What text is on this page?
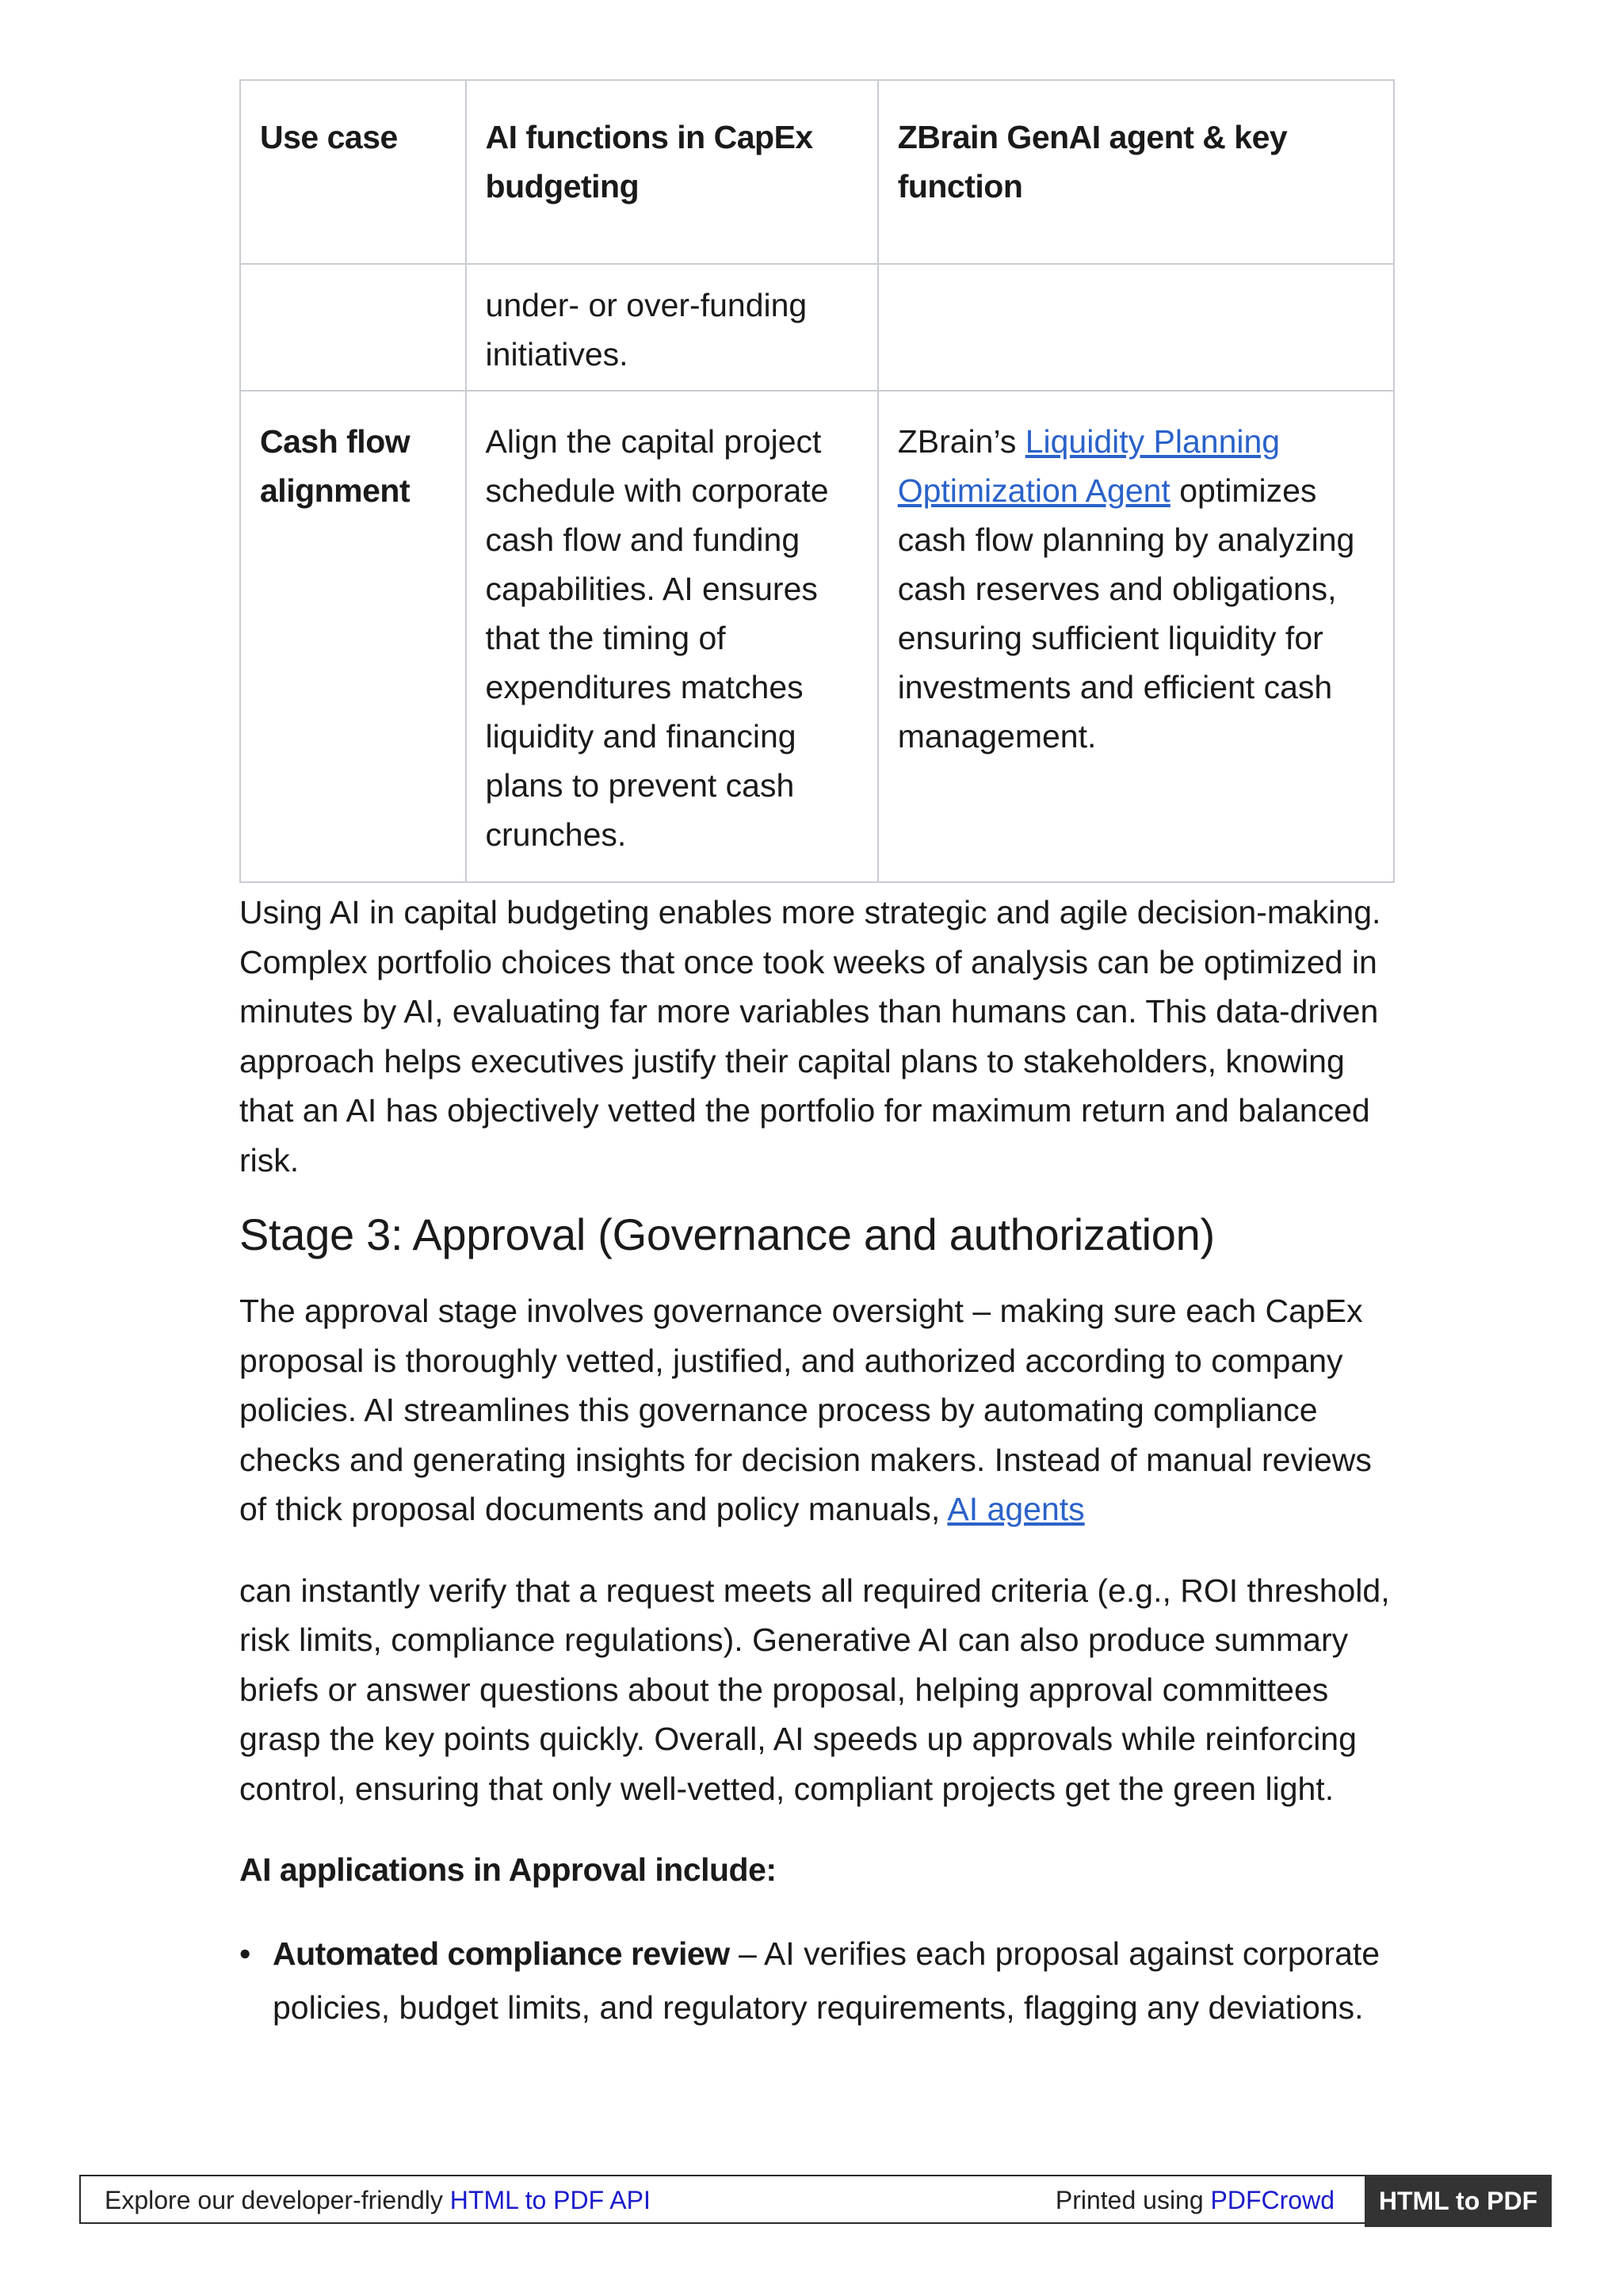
Use case	AI functions in CapEx budgeting	ZBrain GenAI agent & key function
	under- or over-funding initiatives.	
Cash flow alignment	Align the capital project schedule with corporate cash flow and funding capabilities. AI ensures that the timing of expenditures matches liquidity and financing plans to prevent cash crunches.	ZBrain’s Liquidity Planning Optimization Agent optimizes cash flow planning by analyzing cash reserves and obligations, ensuring sufficient liquidity for investments and efficient cash management.

Using AI in capital budgeting enables more strategic and agile decision-making. Complex portfolio choices that once took weeks of analysis can be optimized in minutes by AI, evaluating far more variables than humans can. This data-driven approach helps executives justify their capital plans to stakeholders, knowing that an AI has objectively vetted the portfolio for maximum return and balanced risk.

Stage 3: Approval (Governance and authorization)

The approval stage involves governance oversight – making sure each CapEx proposal is thoroughly vetted, justified, and authorized according to company policies. AI streamlines this governance process by automating compliance checks and generating insights for decision makers. Instead of manual reviews of thick proposal documents and policy manuals, AI agents

can instantly verify that a request meets all required criteria (e.g., ROI threshold, risk limits, compliance regulations). Generative AI can also produce summary briefs or answer questions about the proposal, helping approval committees grasp the key points quickly. Overall, AI speeds up approvals while reinforcing control, ensuring that only well-vetted, compliant projects get the green light.

AI applications in Approval include:

• Automated compliance review – AI verifies each proposal against corporate policies, budget limits, and regulatory requirements, flagging any deviations.
Explore our developer-friendly HTML to PDF API	Printed using PDFCrowd	HTML to PDF
